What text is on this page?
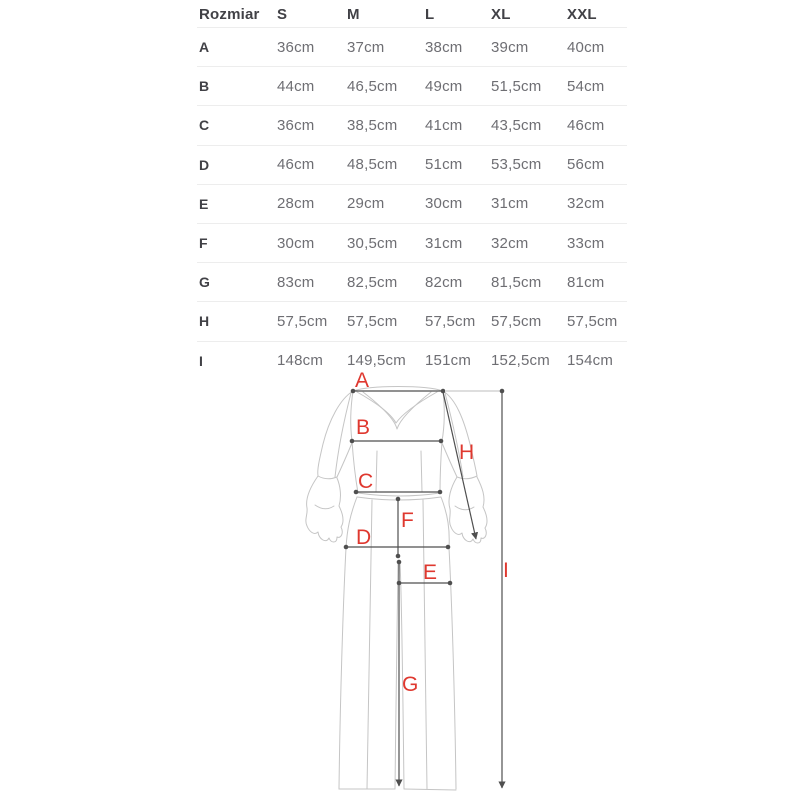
Rozmiar	S	M	L	XL	XXL
A	36cm	37cm	38cm	39cm	40cm
B	44cm	46,5cm	49cm	51,5cm	54cm
C	36cm	38,5cm	41cm	43,5cm	46cm
D	46cm	48,5cm	51cm	53,5cm	56cm
E	28cm	29cm	30cm	31cm	32cm
F	30cm	30,5cm	31cm	32cm	33cm
G	83cm	82,5cm	82cm	81,5cm	81cm
H	57,5cm	57,5cm	57,5cm	57,5cm	57,5cm
I	148cm	149,5cm	151cm	152,5cm	154cm
A
B
C
D
E
F
G
H
I
